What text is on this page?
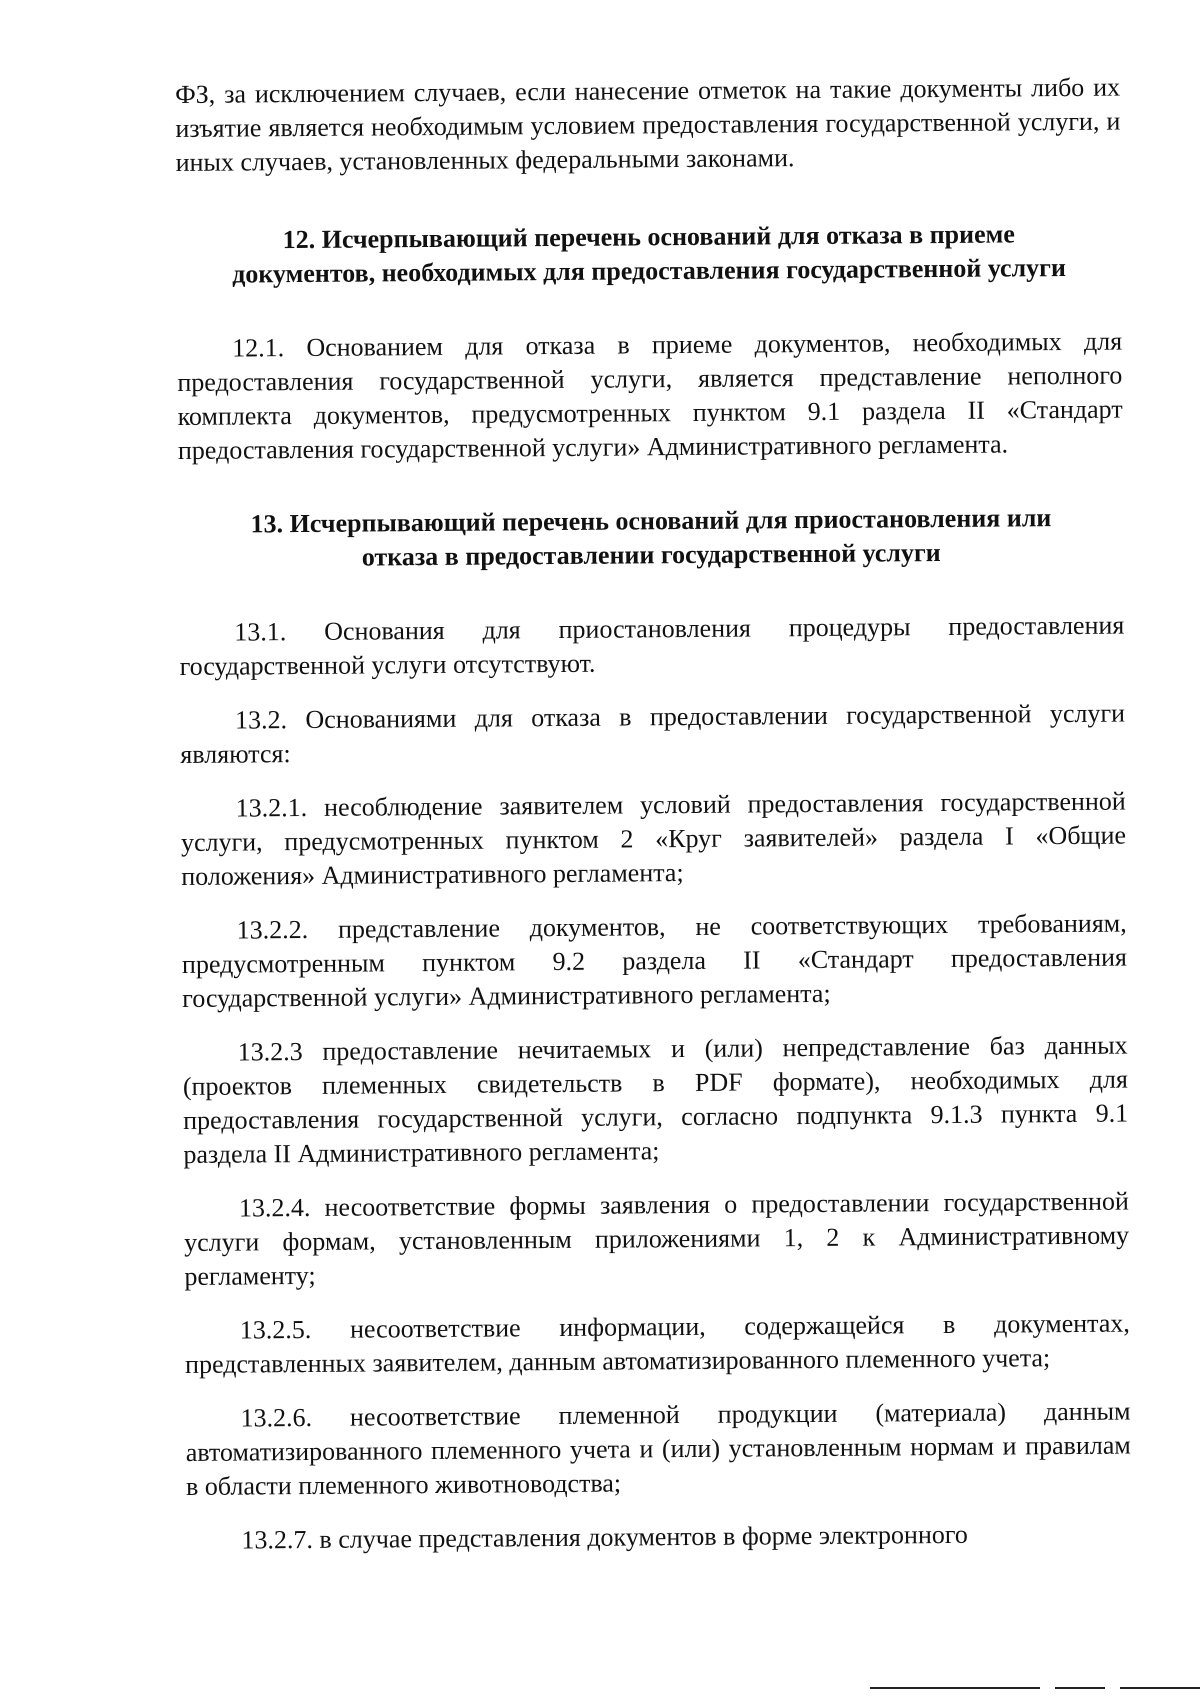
ФЗ, за исключением случаев, если нанесение отметок на такие документы либо их изъятие является необходимым условием предоставления государственной услуги, и иных случаев, установленных федеральными законами.

12. Исчерпывающий перечень оснований для отказа в приеме документов, необходимых для предоставления государственной услуги

12.1. Основанием для отказа в приеме документов, необходимых для предоставления государственной услуги, является представление неполного комплекта документов, предусмотренных пунктом 9.1 раздела II «Стандарт предоставления государственной услуги» Административного регламента.

13. Исчерпывающий перечень оснований для приостановления или отказа в предоставлении государственной услуги

13.1. Основания для приостановления процедуры предоставления государственной услуги отсутствуют.

13.2. Основаниями для отказа в предоставлении государственной услуги являются:

13.2.1. несоблюдение заявителем условий предоставления государственной услуги, предусмотренных пунктом 2 «Круг заявителей» раздела I «Общие положения» Административного регламента;

13.2.2. представление документов, не соответствующих требованиям, предусмотренным пунктом 9.2 раздела II «Стандарт предоставления государственной услуги» Административного регламента;

13.2.3 предоставление нечитаемых и (или) непредставление баз данных (проектов племенных свидетельств в PDF формате), необходимых для предоставления государственной услуги, согласно подпункта 9.1.3 пункта 9.1 раздела II Административного регламента;

13.2.4. несоответствие формы заявления о предоставлении государственной услуги формам, установленным приложениями 1, 2 к Административному регламенту;

13.2.5. несоответствие информации, содержащейся в документах, представленных заявителем, данным автоматизированного племенного учета;

13.2.6. несоответствие племенной продукции (материала) данным автоматизированного племенного учета и (или) установленным нормам и правилам в области племенного животноводства;

13.2.7. в случае представления документов в форме электронного
